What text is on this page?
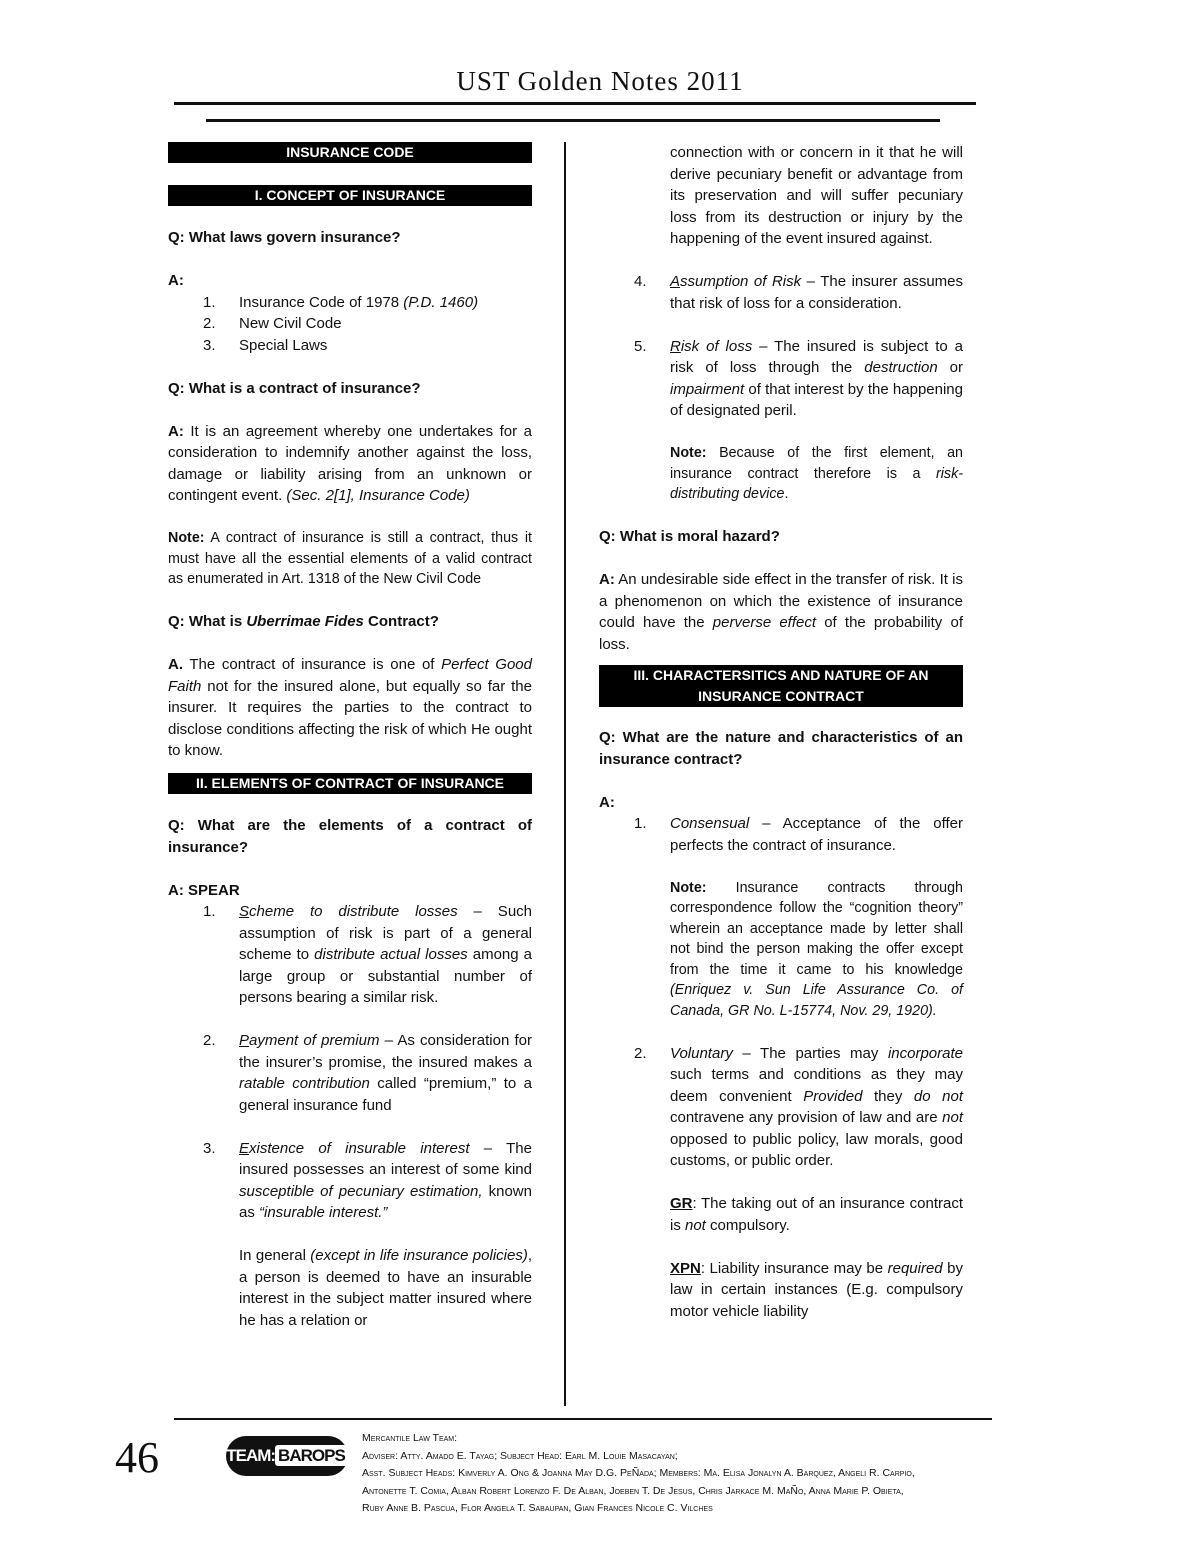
UST Golden Notes 2011
INSURANCE CODE
I. CONCEPT OF INSURANCE

Q: What laws govern insurance?

A:

1. Insurance Code of 1978 (P.D. 1460)
2. New Civil Code
3. Special Laws

Q: What is a contract of insurance?

A: It is an agreement whereby one undertakes for a consideration to indemnify another against the loss, damage or liability arising from an unknown or contingent event. (Sec. 2[1], Insurance Code)

Note: A contract of insurance is still a contract, thus it must have all the essential elements of a valid contract as enumerated in Art. 1318 of the New Civil Code

Q: What is Uberrimae Fides Contract?

A. The contract of insurance is one of Perfect Good Faith not for the insured alone, but equally so far the insurer. It requires the parties to the contract to disclose conditions affecting the risk of which He ought to know.

II. ELEMENTS OF CONTRACT OF INSURANCE

Q: What are the elements of a contract of insurance?

A: SPEAR

1. Scheme to distribute losses – Such assumption of risk is part of a general scheme to distribute actual losses among a large group or substantial number of persons bearing a similar risk.
2. Payment of premium – As consideration for the insurer’s promise, the insured makes a ratable contribution called “premium,” to a general insurance fund
3. Existence of insurable interest – The insured possesses an interest of some kind susceptible of pecuniary estimation, known as “insurable interest.”
In general (except in life insurance policies), a person is deemed to have an insurable interest in the subject matter insured where he has a relation or
connection with or concern in it that he will derive pecuniary benefit or advantage from its preservation and will suffer pecuniary loss from its destruction or injury by the happening of the event insured against.
4. Assumption of Risk – The insurer assumes that risk of loss for a consideration.
5. Risk of loss – The insured is subject to a risk of loss through the destruction or impairment of that interest by the happening of designated peril.
Note: Because of the first element, an insurance contract therefore is a risk-distributing device.

Q: What is moral hazard?

A: An undesirable side effect in the transfer of risk. It is a phenomenon on which the existence of insurance could have the perverse effect of the probability of loss.

III. CHARACTERSITICS AND NATURE OF AN INSURANCE CONTRACT

Q: What are the nature and characteristics of an insurance contract?

A:

1. Consensual – Acceptance of the offer perfects the contract of insurance.
Note: Insurance contracts through correspondence follow the “cognition theory” wherein an acceptance made by letter shall not bind the person making the offer except from the time it came to his knowledge (Enriquez v. Sun Life Assurance Co. of Canada, GR No. L-15774, Nov. 29, 1920).
2. Voluntary – The parties may incorporate such terms and conditions as they may deem convenient Provided they do not contravene any provision of law and are not opposed to public policy, law morals, good customs, or public order.
GR: The taking out of an insurance contract is not compulsory.
XPN: Liability insurance may be required by law in certain instances (E.g. compulsory motor vehicle liability
46	TEAM: BAROPS
Mercantile Law Team:
Adviser: Atty. Amado E. Tayag; Subject Head: Earl M. Louie Masacayan;
Asst. Subject Heads: Kimverly A. Ong & Joanna May D.G. PeÑada; Members: Ma. Elisa Jonalyn A. Barquez, Angeli R. Carpio,
Antonette T. Comia, Alban Robert Lorenzo F. De Alban, Joeben T. De Jesus, Chris Jarkace M. MaÑo, Anna Marie P. Obieta,
Ruby Anne B. Pascua, Flor Angela T. Sabaupan, Gian Frances Nicole C. Vilches
